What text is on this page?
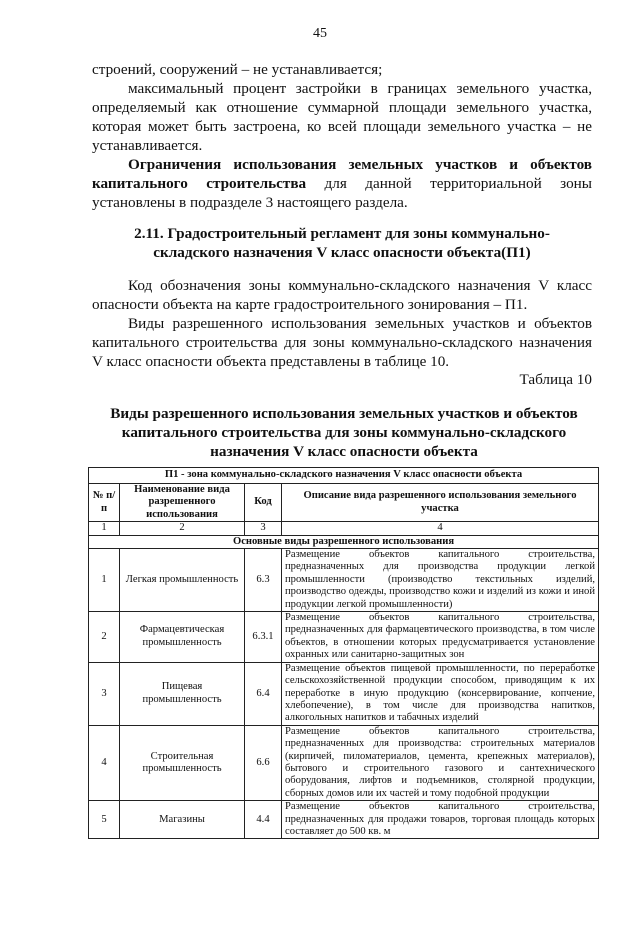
45

строений, сооружений – не устанавливается;

максимальный процент застройки в границах земельного участка, определяемый как отношение суммарной площади земельного участка, которая может быть застроена, ко всей площади земельного участка – не устанавливается.

Ограничения использования земельных участков и объектов капитального строительства для данной территориальной зоны установлены в подразделе 3 настоящего раздела.

2.11. Градостроительный регламент для зоны коммунально-складского назначения V класс опасности объекта(П1)

Код обозначения зоны коммунально-складского назначения V класс опасности объекта на карте градостроительного зонирования – П1.

Виды разрешенного использования земельных участков и объектов капитального строительства для зоны коммунально-складского назначения V класс опасности объекта представлены в таблице 10.

Таблица 10

Виды разрешенного использования земельных участков и объектов капитального строительства для зоны коммунально-складского назначения V класс опасности объекта

П1 - зона коммунально-складского назначения V класс опасности объекта			
№ п/п	Наименование вида разрешенного использования	Код	Описание вида разрешенного использования земельного участка
1	2	3	4
Основные виды разрешенного использования			
1	Легкая промышленность	6.3	Размещение объектов капитального строительства, предназначенных для производства продукции легкой промышленности (производство текстильных изделий, производство одежды, производство кожи и изделий из кожи и иной продукции легкой промышленности)
2	Фармацевтическая промышленность	6.3.1	Размещение объектов капитального строительства, предназначенных для фармацевтического производства, в том числе объектов, в отношении которых предусматривается установление охранных или санитарно-защитных зон
3	Пищевая промышленность	6.4	Размещение объектов пищевой промышленности, по переработке сельскохозяйственной продукции способом, приводящим к их переработке в иную продукцию (консервирование, копчение, хлебопечение), в том числе для производства напитков, алкогольных напитков и табачных изделий
4	Строительная промышленность	6.6	Размещение объектов капитального строительства, предназначенных для производства: строительных материалов (кирпичей, пиломатериалов, цемента, крепежных материалов), бытового и строительного газового и сантехнического оборудования, лифтов и подъемников, столярной продукции, сборных домов или их частей и тому подобной продукции
5	Магазины	4.4	Размещение объектов капитального строительства, предназначенных для продажи товаров, торговая площадь которых составляет до 500 кв. м
